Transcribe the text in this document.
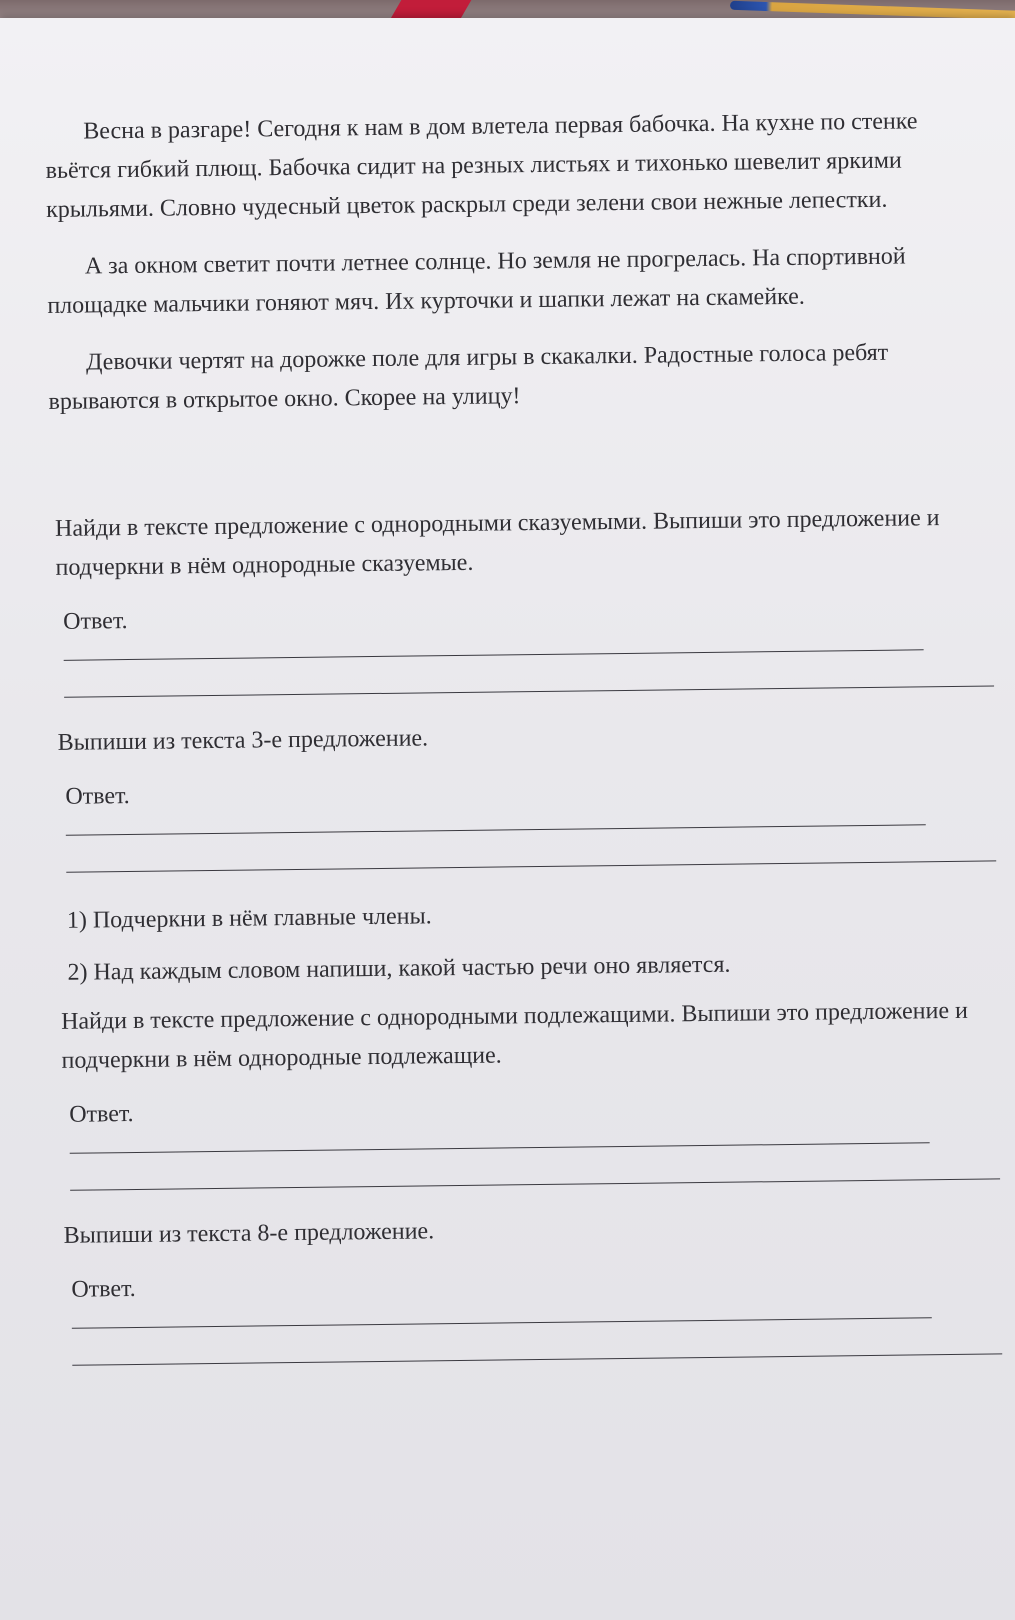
Весна в разгаре! Сегодня к нам в дом влетела первая бабочка. На кухне по стенке вьётся гибкий плющ. Бабочка сидит на резных листьях и тихонько шевелит яркими крыльями. Словно чудесный цветок раскрыл среди зелени свои нежные лепестки.

А за окном светит почти летнее солнце. Но земля не прогрелась. На спортивной площадке мальчики гоняют мяч. Их курточки и шапки лежат на скамейке.

Девочки чертят на дорожке поле для игры в скакалки. Радостные голоса ребят врываются в открытое окно. Скорее на улицу!

Найди в тексте предложение с однородными сказуемыми. Выпиши это предложение и подчеркни в нём однородные сказуемые.

Ответ.

Выпиши из текста 3-е предложение.

Ответ.

1) Подчеркни в нём главные члены.

2) Над каждым словом напиши, какой частью речи оно является.

Найди в тексте предложение с однородными подлежащими. Выпиши это предложение и подчеркни в нём однородные подлежащие.

Ответ.

Выпиши из текста 8-е предложение.

Ответ.
